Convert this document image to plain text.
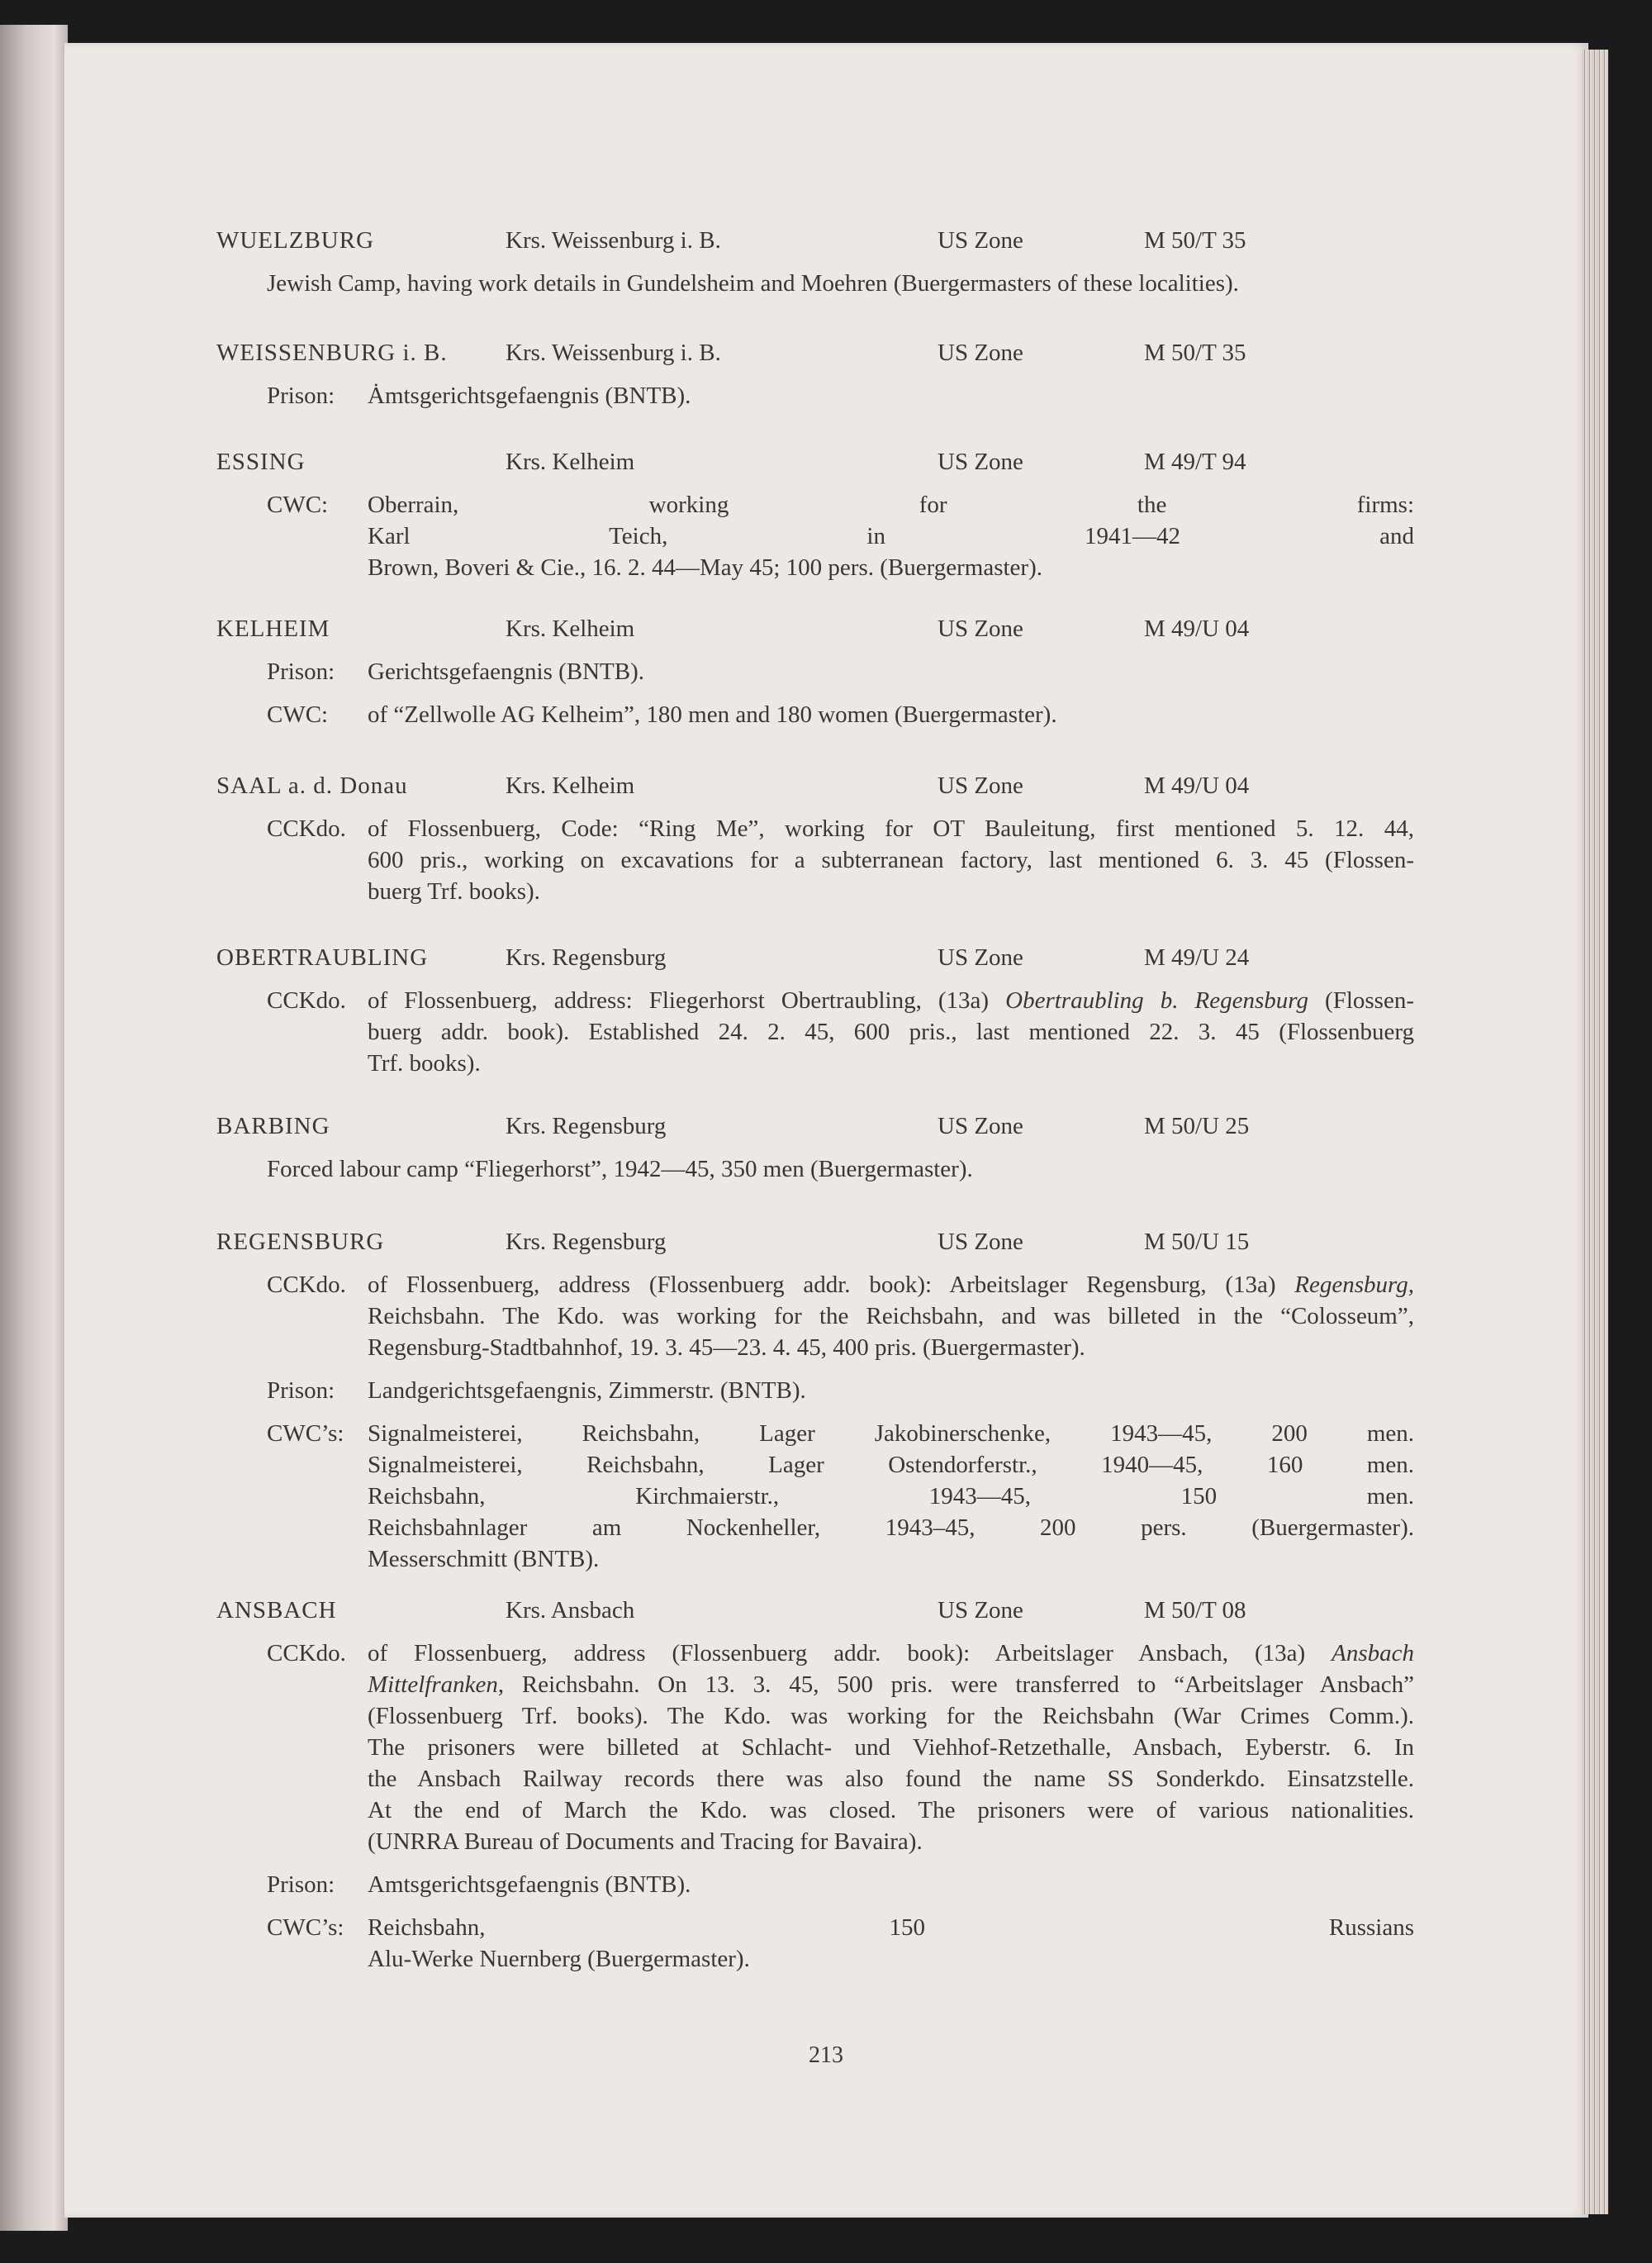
WUELZBURG	Krs. Weissenburg i. B.	US Zone	M 50/T 35
Jewish Camp, having work details in Gundelsheim and Moehren (Buergermasters of these localities).
WEISSENBURG i. B. Krs. Weissenburg i. B.	US Zone	M 50/T 35
Prison: Ȧmtsgerichtsgefaengnis (BNTB).
ESSING	Krs. Kelheim	US Zone	M 49/T 94
CWC: Oberrain, working for the firms:
Karl Teich, in 1941—42 and
Brown, Boveri & Cie., 16. 2. 44—May 45; 100 pers. (Buergermaster).
KELHEIM	Krs. Kelheim	US Zone	M 49/U 04
Prison: Gerichtsgefaengnis (BNTB).
CWC: of “Zellwolle AG Kelheim”, 180 men and 180 women (Buergermaster).
SAAL a. d. Donau	Krs. Kelheim	US Zone	M 49/U 04
CCKdo. of Flossenbuerg, Code: “Ring Me”, working for OT Bauleitung, first mentioned 5. 12. 44,
600 pris., working on excavations for a subterranean factory, last mentioned 6. 3. 45 (Flossen-
buerg Trf. books).
OBERTRAUBLING	Krs. Regensburg	US Zone	M 49/U 24
CCKdo. of Flossenbuerg, address: Fliegerhorst Obertraubling, (13a) Obertraubling b. Regensburg (Flossen-
buerg addr. book). Established 24. 2. 45, 600 pris., last mentioned 22. 3. 45 (Flossenbuerg
Trf. books).
BARBING	Krs. Regensburg	US Zone	M 50/U 25
Forced labour camp “Fliegerhorst”, 1942—45, 350 men (Buergermaster).
REGENSBURG	Krs. Regensburg	US Zone	M 50/U 15
CCKdo. of Flossenbuerg, address (Flossenbuerg addr. book): Arbeitslager Regensburg, (13a) Regensburg,
Reichsbahn. The Kdo. was working for the Reichsbahn, and was billeted in the “Colosseum”,
Regensburg-Stadtbahnhof, 19. 3. 45—23. 4. 45, 400 pris. (Buergermaster).
Prison: Landgerichtsgefaengnis, Zimmerstr. (BNTB).
CWC’s: Signalmeisterei, Reichsbahn, Lager Jakobinerschenke, 1943—45, 200 men.
Signalmeisterei, Reichsbahn, Lager Ostendorferstr., 1940—45, 160 men.
Reichsbahn, Kirchmaierstr., 1943—45, 150 men.
Reichsbahnlager am Nockenheller, 1943–45, 200 pers. (Buergermaster).
Messerschmitt (BNTB).
ANSBACH	Krs. Ansbach	US Zone	M 50/T 08
CCKdo. of Flossenbuerg, address (Flossenbuerg addr. book): Arbeitslager Ansbach, (13a) Ansbach
Mittelfranken, Reichsbahn. On 13. 3. 45, 500 pris. were transferred to “Arbeitslager Ansbach”
(Flossenbuerg Trf. books). The Kdo. was working for the Reichsbahn (War Crimes Comm.).
The prisoners were billeted at Schlacht- und Viehhof-Retzethalle, Ansbach, Eyberstr. 6. In
the Ansbach Railway records there was also found the name SS Sonderkdo. Einsatzstelle.
At the end of March the Kdo. was closed. The prisoners were of various nationalities.
(UNRRA Bureau of Documents and Tracing for Bavaira).
Prison: Amtsgerichtsgefaengnis (BNTB).
CWC’s: Reichsbahn, 150 Russians
Alu-Werke Nuernberg (Buergermaster).
213
